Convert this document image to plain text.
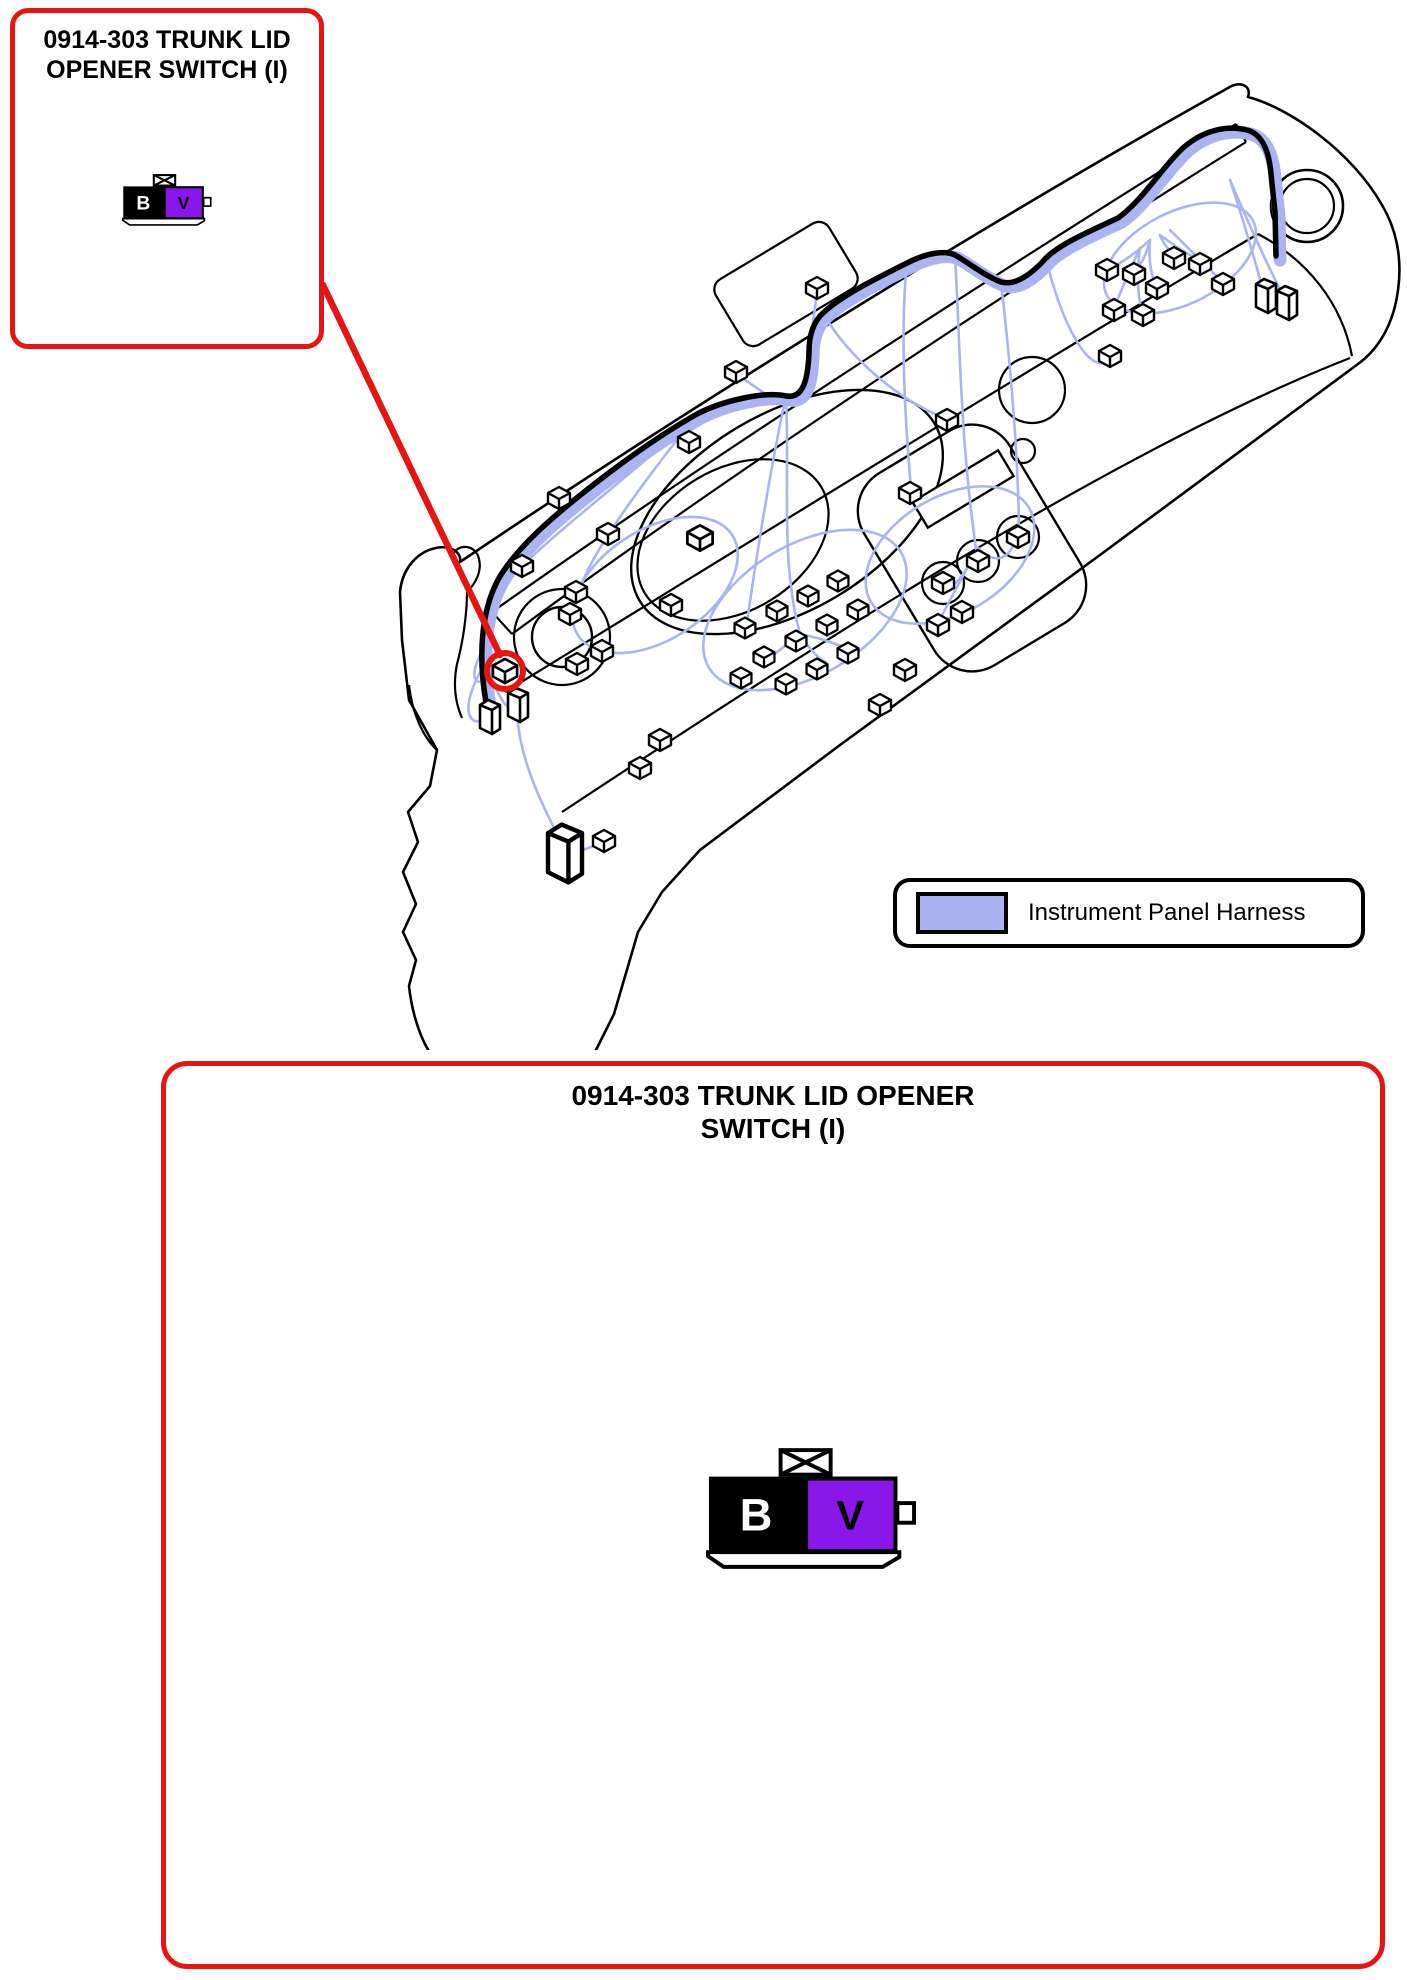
0914-303 TRUNK LID
OPENER SWITCH (I)
B V
Instrument Panel Harness
0914-303 TRUNK LID OPENER
SWITCH (I)
B V
